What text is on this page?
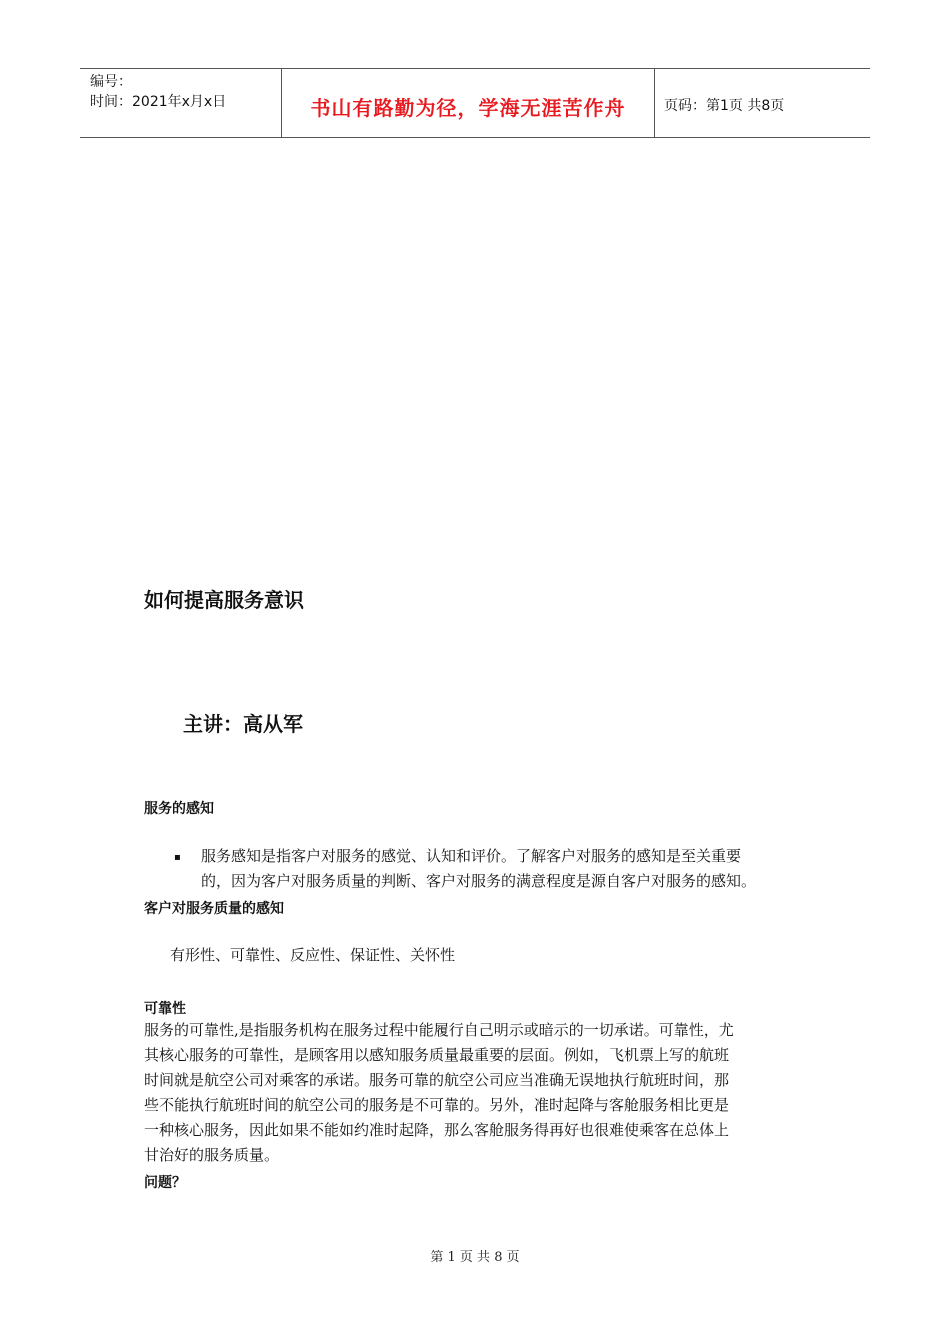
编号：
时间：2021年x月x日	书山有路勤为径，学海无涯苦作舟	页码：第1页 共8页
如何提高服务意识
主讲：高从军
服务的感知
▪ 服务感知是指客户对服务的感觉、认知和评价。了解客户对服务的感知是至关重要
的，因为客户对服务质量的判断、客户对服务的满意程度是源自客户对服务的感知。
客户对服务质量的感知
有形性、可靠性、反应性、保证性、关怀性
可靠性
服务的可靠性,是指服务机构在服务过程中能履行自己明示或暗示的一切承诺。可靠性，尤
其核心服务的可靠性，是顾客用以感知服务质量最重要的层面。例如，飞机票上写的航班
时间就是航空公司对乘客的承诺。服务可靠的航空公司应当准确无误地执行航班时间，那
些不能执行航班时间的航空公司的服务是不可靠的。另外，准时起降与客舱服务相比更是
一种核心服务，因此如果不能如约准时起降，那么客舱服务得再好也很难使乘客在总体上
甘治好的服务质量。
问题？
第 1 页 共 8 页
